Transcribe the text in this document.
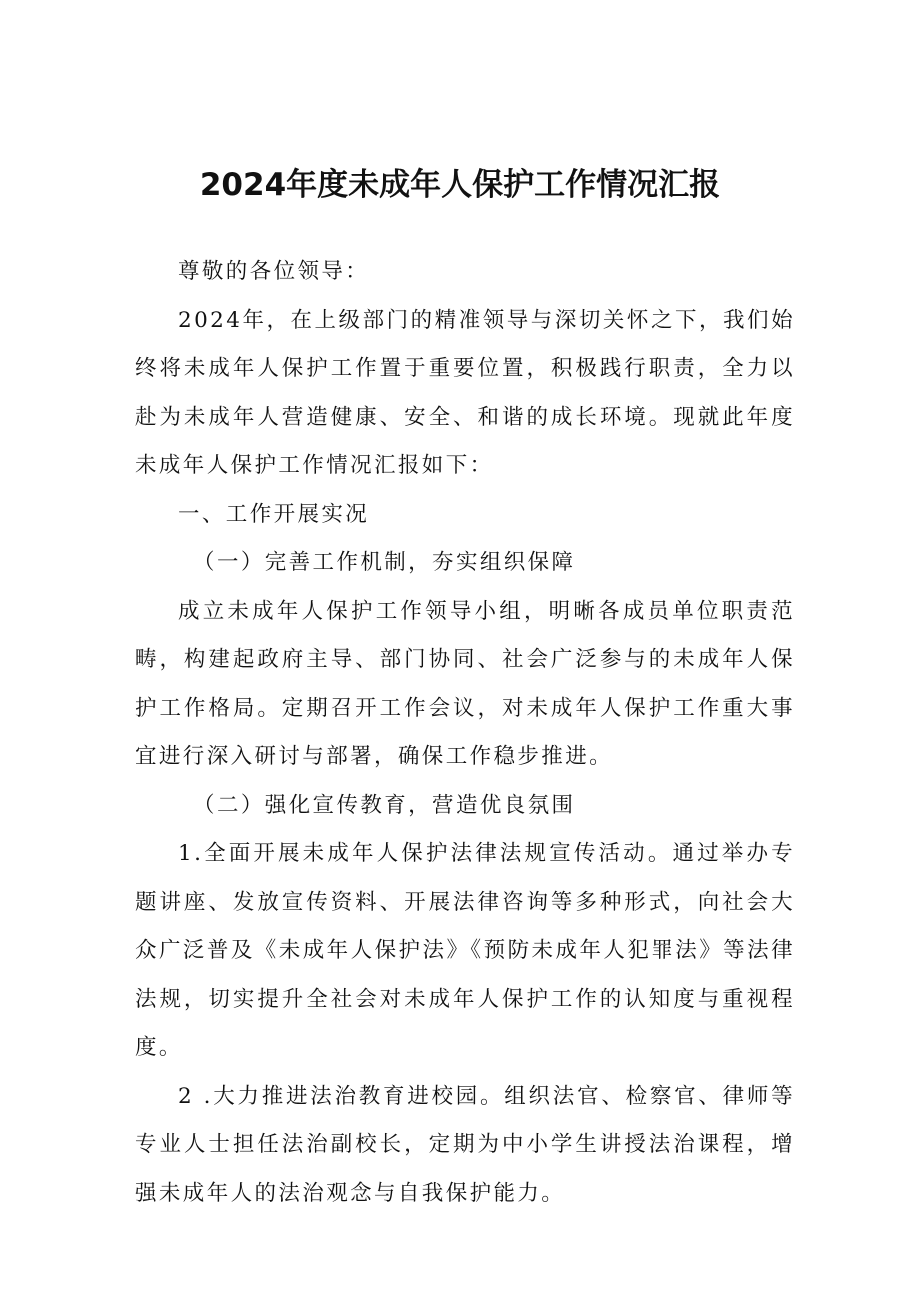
2024年度未成年人保护工作情况汇报

尊敬的各位领导：

2024年，在上级部门的精准领导与深切关怀之下，我们始终将未成年人保护工作置于重要位置，积极践行职责，全力以赴为未成年人营造健康、安全、和谐的成长环境。现就此年度未成年人保护工作情况汇报如下：

一、工作开展实况

（一）完善工作机制，夯实组织保障

成立未成年人保护工作领导小组，明晰各成员单位职责范畴，构建起政府主导、部门协同、社会广泛参与的未成年人保护工作格局。定期召开工作会议，对未成年人保护工作重大事宜进行深入研讨与部署，确保工作稳步推进。

（二）强化宣传教育，营造优良氛围

1.全面开展未成年人保护法律法规宣传活动。通过举办专题讲座、发放宣传资料、开展法律咨询等多种形式，向社会大众广泛普及《未成年人保护法》《预防未成年人犯罪法》等法律法规，切实提升全社会对未成年人保护工作的认知度与重视程度。

2 .大力推进法治教育进校园。组织法官、检察官、律师等专业人士担任法治副校长，定期为中小学生讲授法治课程，增强未成年人的法治观念与自我保护能力。
